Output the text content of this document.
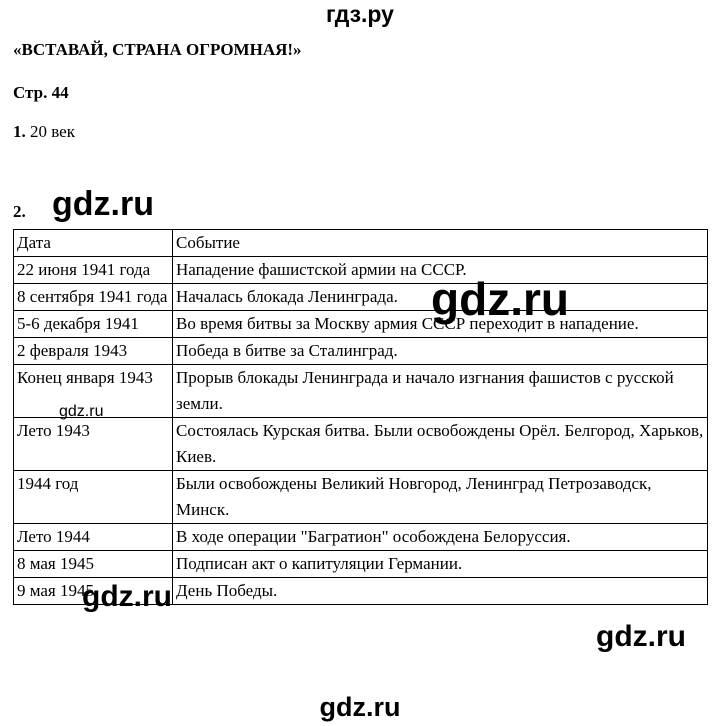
гдз.ру
«ВСТАВАЙ, СТРАНА ОГРОМНАЯ!»
Стр. 44
1. 20 век
2.
Дата	Событие
22 июня 1941 года	Нападение фашистской армии на СССР.
8 сентября 1941 года	Началась блокада Ленинграда.
5-6 декабря 1941	Во время битвы за Москву армия СССР переходит в нападение.
2 февраля 1943	Победа в битве за Сталинград.
Конец января 1943	Прорыв блокады Ленинграда и начало изгнания фашистов с русской земли.
Лето 1943	Состоялась Курская битва. Были освобождены Орёл. Белгород, Харьков, Киев.
1944 год	Были освобождены Великий Новгород, Ленинград Петрозаводск, Минск.
Лето 1944	В ходе операции "Багратион" особождена Белоруссия.
8 мая 1945	Подписан акт о капитуляции Германии.
9 мая 1945	День Победы.
gdz.ru
gdz.ru
gdz.ru
gdz.ru
gdz.ru
gdz.ru
